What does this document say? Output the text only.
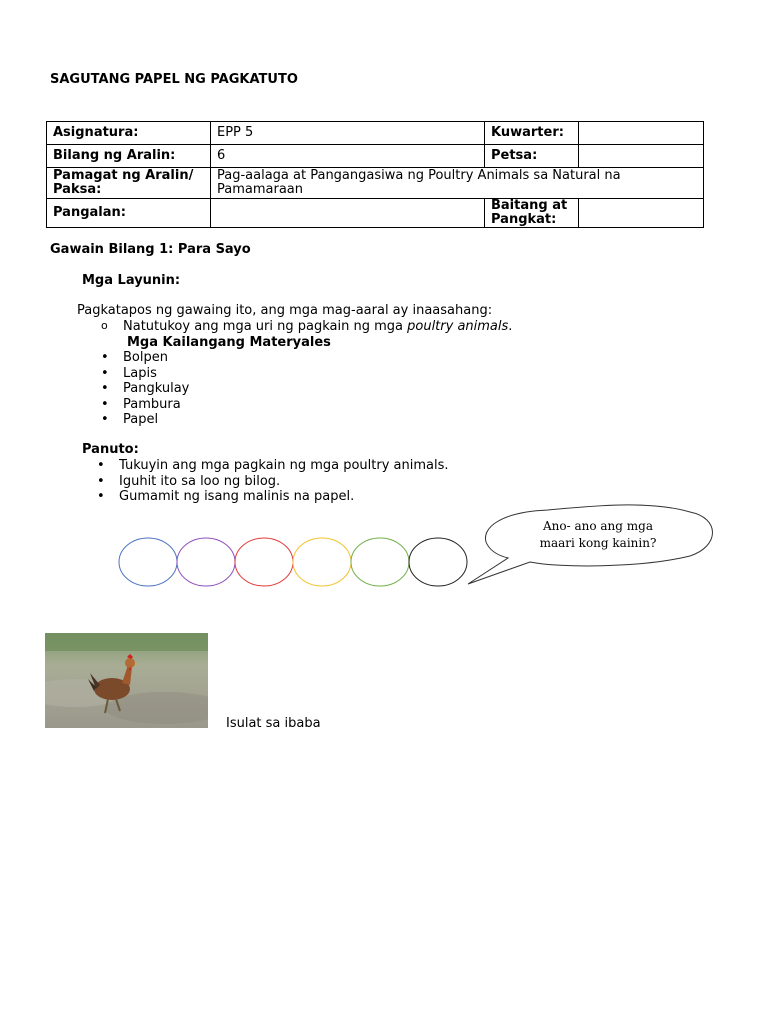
SAGUTANG PAPEL NG PAGKATUTO
Asignatura:	EPP 5	Kuwarter:	
Bilang ng Aralin:	6	Petsa:	
Pamagat ng Aralin/ Paksa:	Pag-aalaga at Pangangasiwa ng Poultry Animals sa Natural na Pamamaraan		
Pangalan:		Baitang at Pangkat:	
Gawain Bilang 1: Para Sayo
Mga Layunin:
Pagkatapos ng gawaing ito, ang mga mag-aaral ay inaasahang:
o Natutukoy ang mga uri ng pagkain ng mga poultry animals.
Mga Kailangang Materyales
• Bolpen
• Lapis
• Pangkulay
• Pambura
• Papel
Panuto:
• Tukuyin ang mga pagkain ng mga poultry animals.
• Iguhit ito sa loo ng bilog.
• Gumamit ng isang malinis na papel.
Ano- ano ang mga
maari kong kainin?
Isulat sa ibaba
